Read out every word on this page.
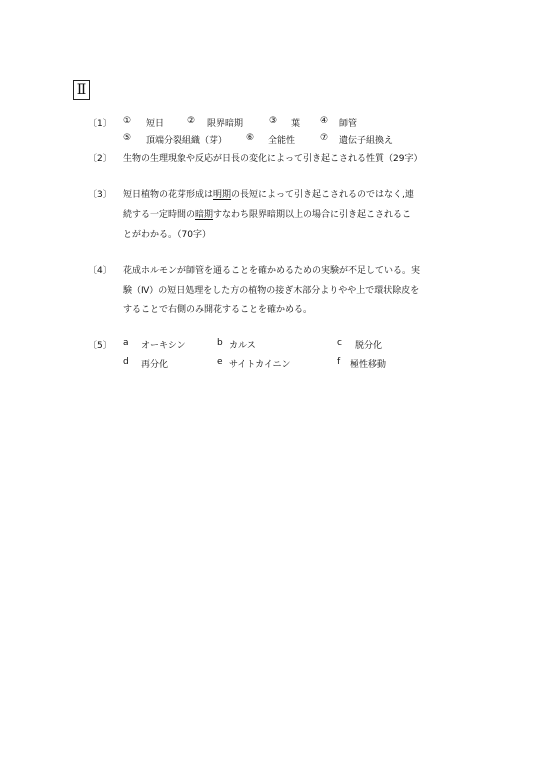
Ⅱ
〔1〕 ① 短日	② 限界暗期	③ 葉 ④ 師管
⑤ 頂端分裂組織（芽） ⑥ 全能性	⑦ 遺伝子組換え
〔2〕 生物の生理現象や反応が日長の変化によって引き起こされる性質（29字）
〔3〕 短日植物の花芽形成は明期の長短によって引き起こされるのではなく,連
続する一定時間の暗期すなわち限界暗期以上の場合に引き起こされるこ
とがわかる。（70字）
〔4〕 花成ホルモンが師管を通ることを確かめるための実験が不足している。実
験（Ⅳ）の短日処理をした方の植物の接ぎ木部分よりやや上で環状除皮を
することで右側のみ開花することを確かめる。
〔5〕 a オーキシン	b カルス	c 脱分化
d 再分化	e サイトカイニン	f 極性移動
